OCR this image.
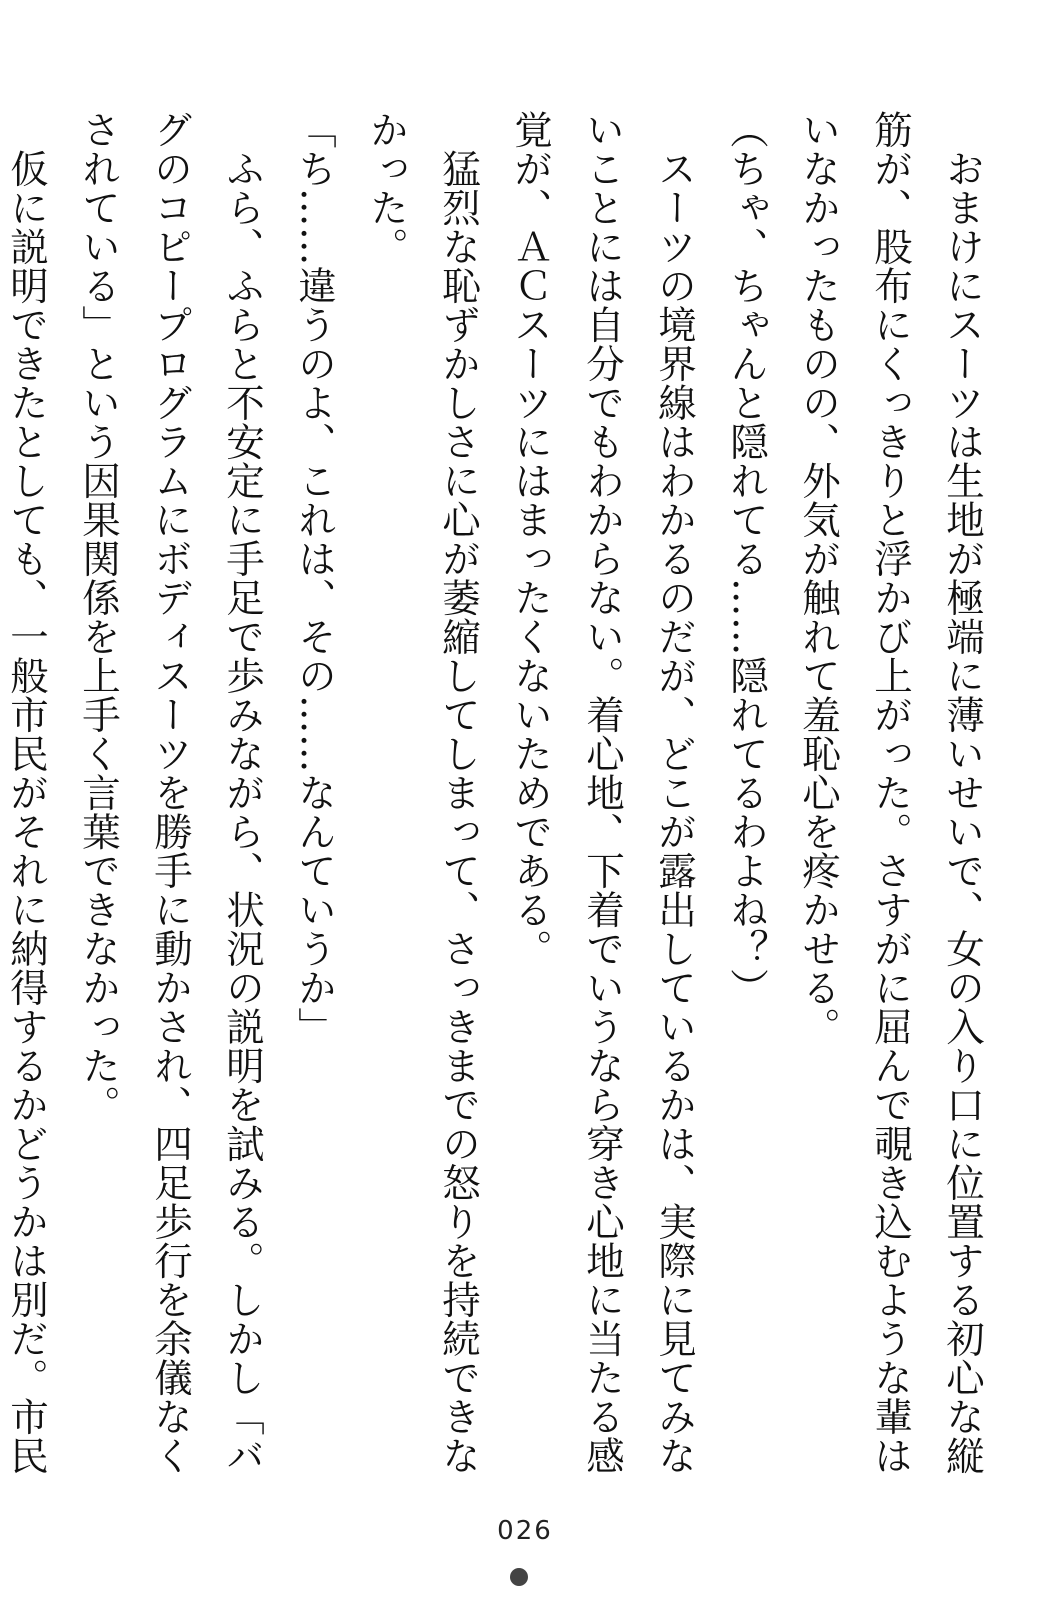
おまけにスーツは生地が極端に薄いせいで、女の入り口に位置する初心な縦筋が、股布にくっきりと浮かび上がった。さすがに屈んで覗き込むような輩はいなかったものの、外気が触れて羞恥心を疼かせる。

（ちゃ、ちゃんと隠れてる……隠れてるわよね？）

スーツの境界線はわかるのだが、どこが露出しているかは、実際に見てみないことには自分でもわからない。着心地、下着でいうなら穿き心地に当たる感覚が、ＡＣスーツにはまったくないためである。

猛烈な恥ずかしさに心が萎縮してしまって、さっきまでの怒りを持続できなかった。

「ち……違うのよ、これは、その……なんていうか」

ふら、ふらと不安定に手足で歩みながら、状況の説明を試みる。しかし「バグのコピープログラムにボディスーツを勝手に動かされ、四足歩行を余儀なくされている」という因果関係を上手く言葉できなかった。

仮に説明できたとしても、一般市民がそれに納得するかどうかは別だ。市民

026
